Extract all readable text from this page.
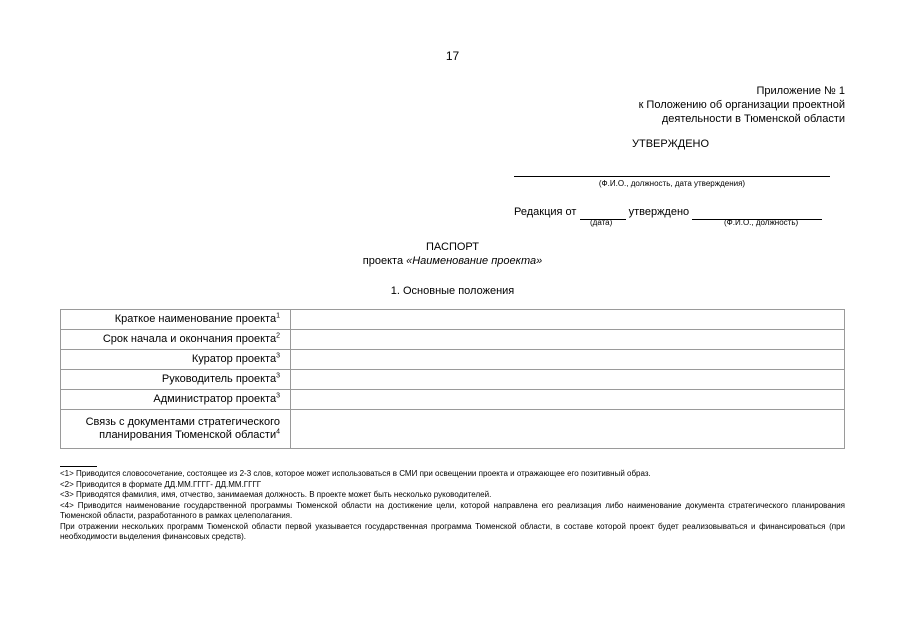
17
Приложение № 1
к Положению об организации проектной
деятельности в Тюменской области
УТВЕРЖДЕНО
(Ф.И.О., должность, дата утверждения)
Редакция от	утверждено
(дата)	(Ф.И.О., должность)
ПАСПОРТ
проекта «Наименование проекта»
1. Основные положения
Краткое наименование проекта$^1$	
Срок начала и окончания проекта$^2$	
Куратор проекта$^3$	
Руководитель проекта$^3$	
Администратор проекта$^3$	
Связь с документами стратегического
планирования Тюменской области$^4$	

<1> Приводится словосочетание, состоящее из 2-3 слов, которое может использоваться в СМИ при освещении проекта и отражающее его позитивный образ.

<2> Приводится в формате ДД.ММ.ГГГГ- ДД.ММ.ГГГГ

<3> Приводятся фамилия, имя, отчество, занимаемая должность. В проекте может быть несколько руководителей.

<4> Приводится наименование государственной программы Тюменской области на достижение цели, которой направлена его реализация либо наименование документа стратегического планирования Тюменской области, разработанного в рамках целеполагания.

При отражении нескольких программ Тюменской области первой указывается государственная программа Тюменской области, в составе которой проект будет реализовываться и финансироваться (при необходимости выделения финансовых средств).
